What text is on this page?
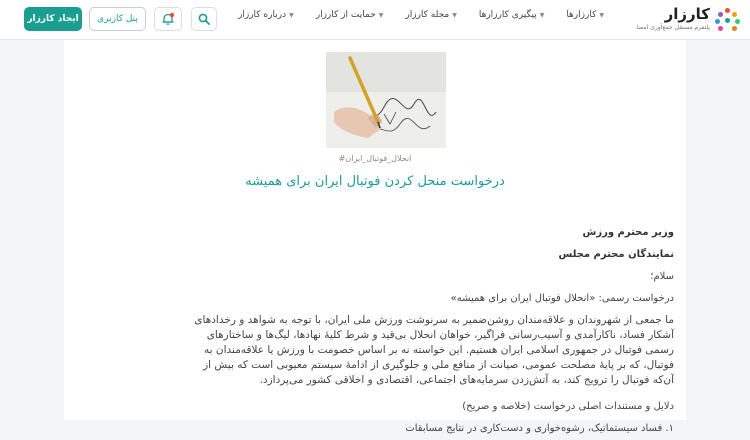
کارزار
پلتفرم مستقل جمع‌آوری امضا
کارزارها ▼
پیگیری کارزارها ▼
مجله کارزار ▼
حمایت از کارزار ▼
درباره کارزار ▼
پنل کاربری
ایجاد کارزار
#انحلال_فوتبال_ایران
درخواست منحل کردن فوتبال ایران برای همیشه
وزیر محترم ورزش
نمایندگان محترم مجلس
سلام؛
درخواست رسمی: «انحلال فوتبال ایران برای همیشه»
ما جمعی از شهروندان و علاقه‌مندان روشن‌ضمیر به سرنوشت ورزش ملی ایران، با توجه به شواهد و رخدادهای
آشکار فساد، ناکارآمدی و آسیب‌رسانی فراگیر، خواهان انحلال بی‌قید و شرط کلیهٔ نهادها، لیگ‌ها و ساختارهای
رسمی فوتبال در جمهوری اسلامی ایران هستیم. این خواسته نه بر اساس خصومت با ورزش یا علاقه‌مندان به
فوتبال، که بر پایهٔ مصلحت عمومی، صیانت از منافع ملی و جلوگیری از ادامهٔ سیستم معیوبی است که بیش از
آن‌که فوتبال را ترویج کند، به آتش‌زدن سرمایه‌های اجتماعی، اقتصادی و اخلاقی کشور می‌پردازد.
دلایل و مستندات اصلی درخواست (خلاصه و صریح)
۱. فساد سیستماتیک، رشوه‌خواری و دست‌کاری در نتایج مسابقات
